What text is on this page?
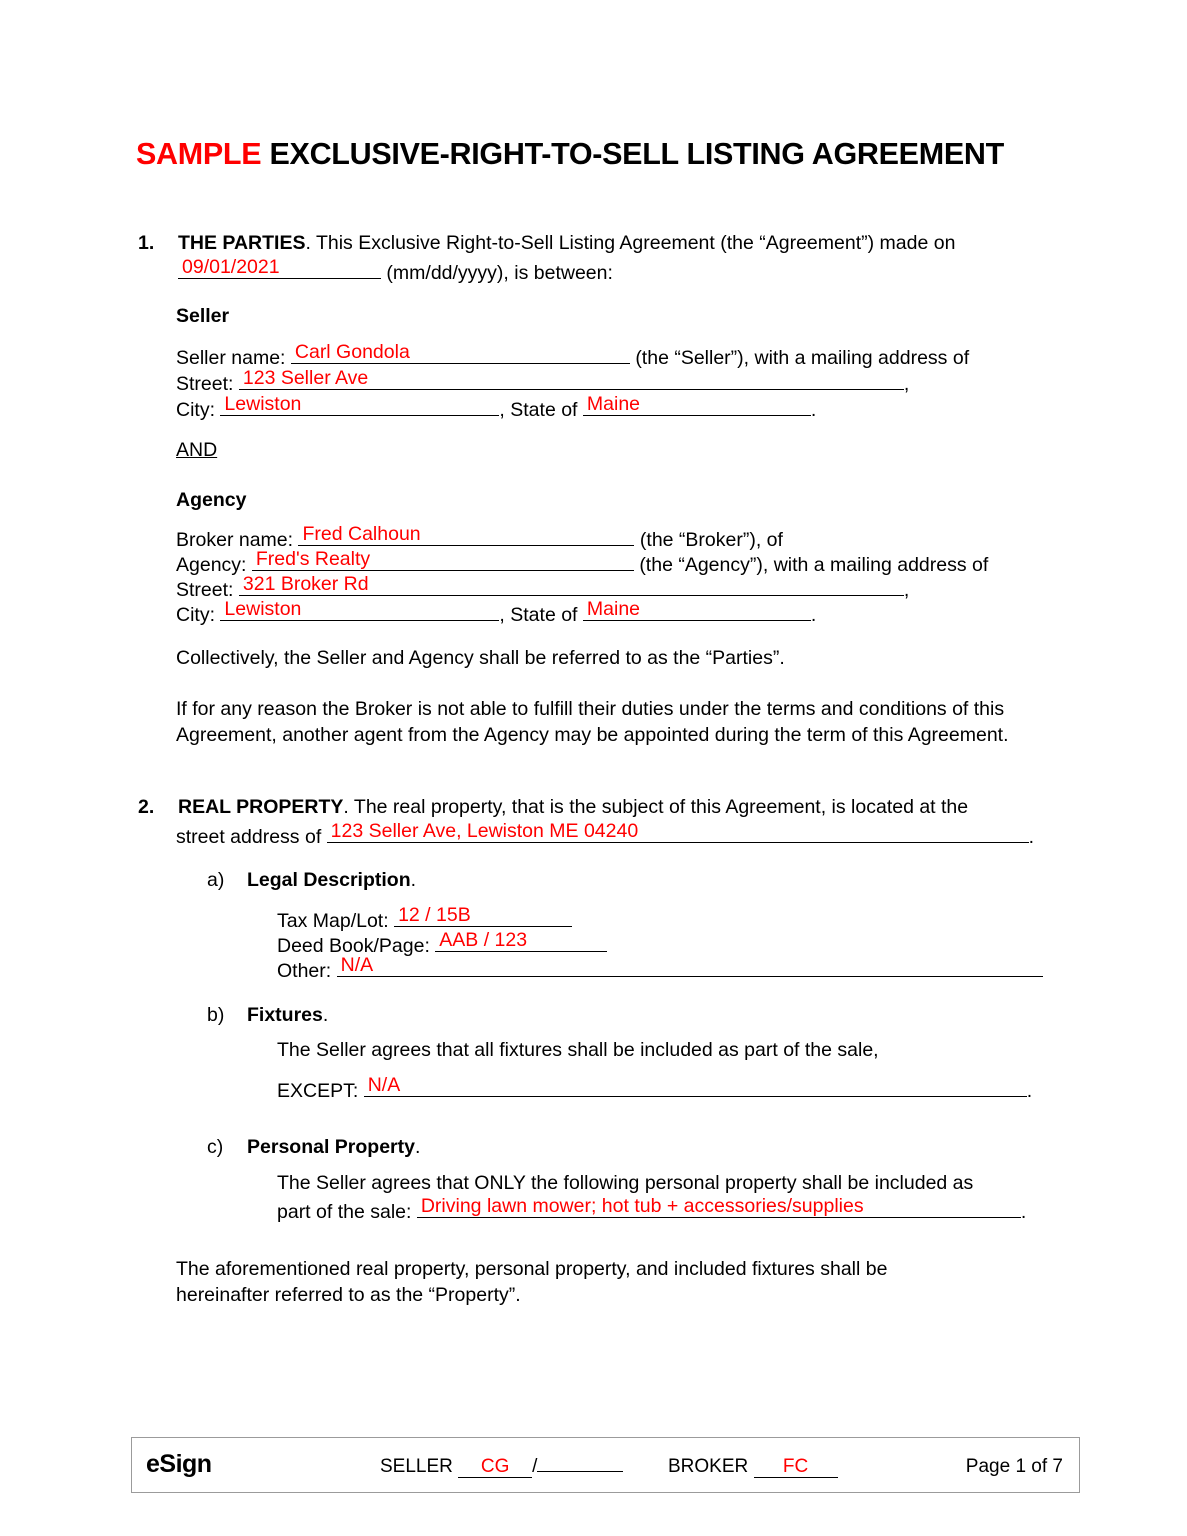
SAMPLE EXCLUSIVE-RIGHT-TO-SELL LISTING AGREEMENT
1.	THE PARTIES. This Exclusive Right-to-Sell Listing Agreement (the “Agreement”) made on
09/01/2021	(mm/dd/yyyy), is between:
Seller
Seller name: Carl Gondola	(the “Seller”), with a mailing address of
Street: 123 Seller Ave	,
City: Lewiston	, State of Maine	.
AND
Agency
Broker name: Fred Calhoun	(the “Broker”), of
Agency: Fred's Realty	(the “Agency”), with a mailing address of
Street: 321 Broker Rd	,
City: Lewiston	, State of Maine	.
Collectively, the Seller and Agency shall be referred to as the “Parties”.
If for any reason the Broker is not able to fulfill their duties under the terms and conditions of this Agreement, another agent from the Agency may be appointed during the term of this Agreement.
2.	REAL PROPERTY. The real property, that is the subject of this Agreement, is located at the
street address of 123 Seller Ave, Lewiston ME 04240	.
a)	Legal Description.
Tax Map/Lot: 12 / 15B
Deed Book/Page: AAB / 123
Other: N/A
b)	Fixtures.
The Seller agrees that all fixtures shall be included as part of the sale,
EXCEPT: N/A	.
c)	Personal Property.
The Seller agrees that ONLY the following personal property shall be included as
part of the sale: Driving lawn mower; hot tub + accessories/supplies	.
The aforementioned real property, personal property, and included fixtures shall be hereinafter referred to as the “Property”.
eSign	SELLER CG /	BROKER FC	Page 1 of 7
